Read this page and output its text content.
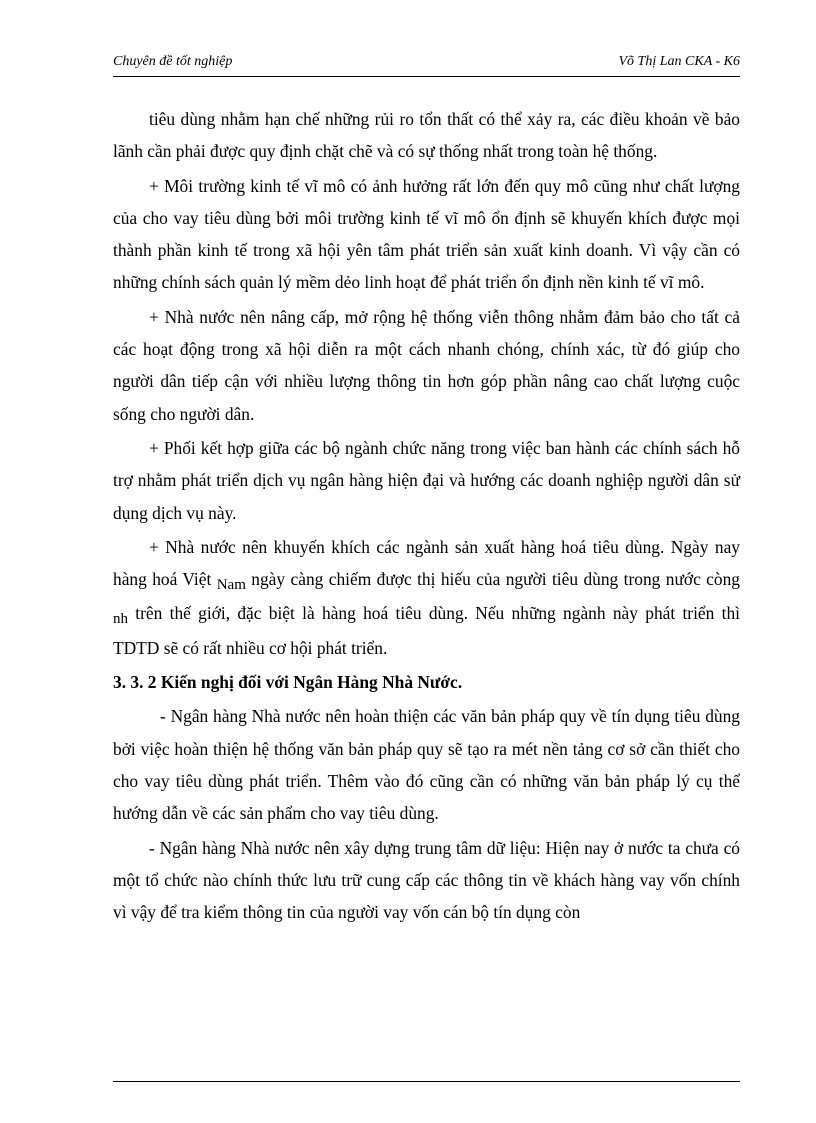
Chuyên đề tốt nghiệp	Võ Thị Lan CKA - K6

tiêu dùng nhằm hạn chế những rủi ro tổn thất có thể xảy ra, các điều khoản về bảo lãnh cần phải được quy định chặt chẽ và có sự thống nhất trong toàn hệ thống.

+ Môi trường kinh tế vĩ mô có ảnh hưởng rất lớn đến quy mô cũng như chất lượng của cho vay tiêu dùng bởi môi trường kinh tế vĩ mô ổn định sẽ khuyến khích được mọi thành phần kinh tế trong xã hội yên tâm phát triển sản xuất kinh doanh. Vì vậy cần có những chính sách quản lý mềm dẻo linh hoạt để phát triển ổn định nền kinh tế vĩ mô.

+ Nhà nước nên nâng cấp, mở rộng hệ thống viễn thông nhằm đảm bảo cho tất cả các hoạt động trong xã hội diễn ra một cách nhanh chóng, chính xác, từ đó giúp cho người dân tiếp cận với nhiều lượng thông tin hơn góp phần nâng cao chất lượng cuộc sống cho người dân.

+ Phối kết hợp giữa các bộ ngành chức năng trong việc ban hành các chính sách hỗ trợ nhằm phát triển dịch vụ ngân hàng hiện đại và hướng các doanh nghiệp người dân sử dụng dịch vụ này.

+ Nhà nước nên khuyến khích các ngành sản xuất hàng hoá tiêu dùng. Ngày nay hàng hoá Việt Nam ngày càng chiếm được thị hiếu của người tiêu dùng trong nước còng nh trên thế giới, đặc biệt là hàng hoá tiêu dùng. Nếu những ngành này phát triển thì TDTD sẽ có rất nhiều cơ hội phát triển.

3. 3. 2 Kiến nghị đối với Ngân Hàng Nhà Nước.

- Ngân hàng Nhà nước nên hoàn thiện các văn bản pháp quy về tín dụng tiêu dùng bởi việc hoàn thiện hệ thống văn bản pháp quy sẽ tạo ra mét nền tảng cơ sở cần thiết cho cho vay tiêu dùng phát triển. Thêm vào đó cũng cần có những văn bản pháp lý cụ thể hướng dẫn về các sản phẩm cho vay tiêu dùng.

- Ngân hàng Nhà nước nên xây dựng trung tâm dữ liệu: Hiện nay ở nước ta chưa có một tổ chức nào chính thức lưu trữ cung cấp các thông tin về khách hàng vay vốn chính vì vậy để tra kiểm thông tin của người vay vốn cán bộ tín dụng còn
